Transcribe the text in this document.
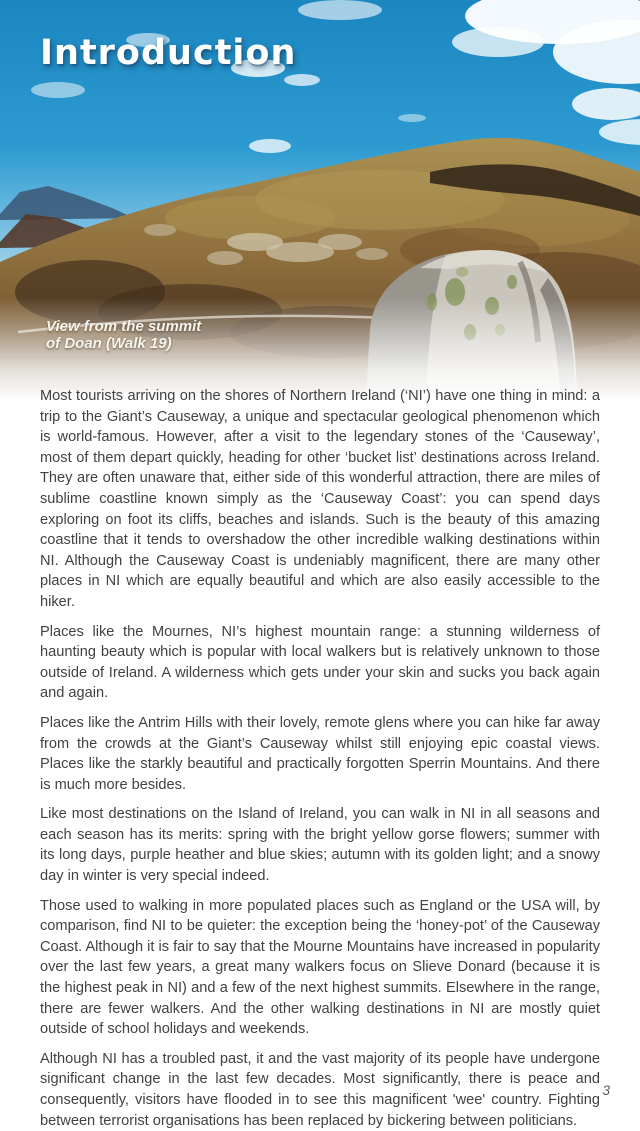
Introduction
View from the summit
of Doan (Walk 19)

Most tourists arriving on the shores of Northern Ireland (‘NI’) have one thing in mind: a trip to the Giant’s Causeway, a unique and spectacular geological phenomenon which is world-famous. However, after a visit to the legendary stones of the ‘Causeway’, most of them depart quickly, heading for other ‘bucket list’ destinations across Ireland. They are often unaware that, either side of this wonderful attraction, there are miles of sublime coastline known simply as the ‘Causeway Coast’: you can spend days exploring on foot its cliffs, beaches and islands. Such is the beauty of this amazing coastline that it tends to overshadow the other incredible walking destinations within NI. Although the Causeway Coast is undeniably magnificent, there are many other places in NI which are equally beautiful and which are also easily accessible to the hiker.

Places like the Mournes, NI’s highest mountain range: a stunning wilderness of haunting beauty which is popular with local walkers but is relatively unknown to those outside of Ireland. A wilderness which gets under your skin and sucks you back again and again.

Places like the Antrim Hills with their lovely, remote glens where you can hike far away from the crowds at the Giant’s Causeway whilst still enjoying epic coastal views. Places like the starkly beautiful and practically forgotten Sperrin Mountains. And there is much more besides.

Like most destinations on the Island of Ireland, you can walk in NI in all seasons and each season has its merits: spring with the bright yellow gorse flowers; summer with its long days, purple heather and blue skies; autumn with its golden light; and a snowy day in winter is very special indeed.

Those used to walking in more populated places such as England or the USA will, by comparison, find NI to be quieter: the exception being the ‘honey-pot’ of the Causeway Coast. Although it is fair to say that the Mourne Mountains have increased in popularity over the last few years, a great many walkers focus on Slieve Donard (because it is the highest peak in NI) and a few of the next highest summits. Elsewhere in the range, there are fewer walkers. And the other walking destinations in NI are mostly quiet outside of school holidays and weekends.

Although NI has a troubled past, it and the vast majority of its people have undergone significant change in the last few decades. Most significantly, there is peace and consequently, visitors have flooded in to see this magnificent 'wee' country. Fighting between terrorist organisations has been replaced by bickering between politicians.

3
